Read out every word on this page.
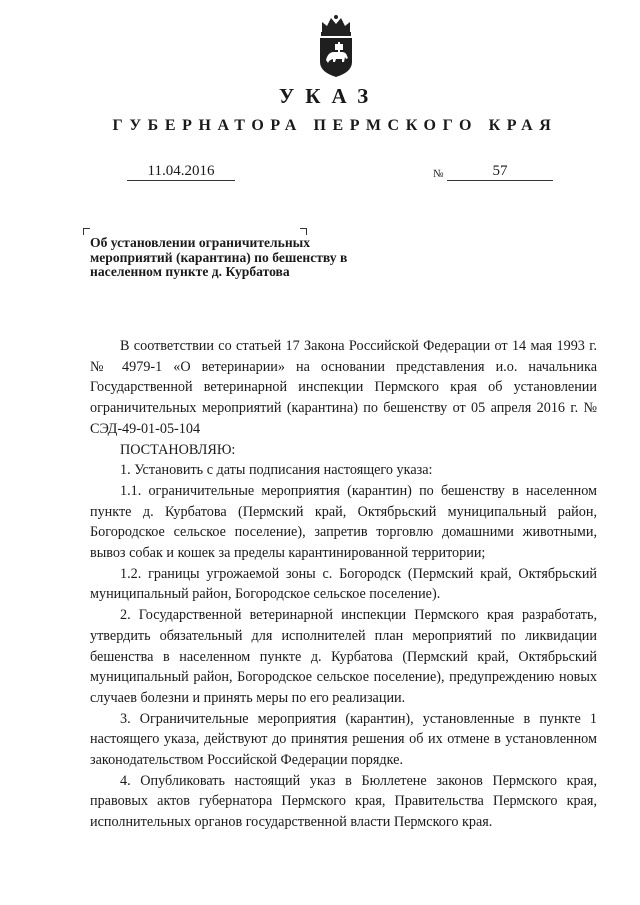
УКАЗ
ГУБЕРНАТОРА ПЕРМСКОГО КРАЯ
11.04.2016	№	57
Об установлении ограничительных мероприятий (карантина) по бешенству в населенном пункте д. Курбатова

В соответствии со статьей 17 Закона Российской Федерации от 14 мая 1993 г. № 4979-1 «О ветеринарии» на основании представления и.о. начальника Государственной ветеринарной инспекции Пермского края об установлении ограничительных мероприятий (карантина) по бешенству от 05 апреля 2016 г. № СЭД-49-01-05-104

ПОСТАНОВЛЯЮ:

1. Установить с даты подписания настоящего указа:

1.1. ограничительные мероприятия (карантин) по бешенству в населенном пункте д. Курбатова (Пермский край, Октябрьский муниципальный район, Богородское сельское поселение), запретив торговлю домашними животными, вывоз собак и кошек за пределы карантинированной территории;

1.2. границы угрожаемой зоны с. Богородск (Пермский край, Октябрьский муниципальный район, Богородское сельское поселение).

2. Государственной ветеринарной инспекции Пермского края разработать, утвердить обязательный для исполнителей план мероприятий по ликвидации бешенства в населенном пункте д. Курбатова (Пермский край, Октябрьский муниципальный район, Богородское сельское поселение), предупреждению новых случаев болезни и принять меры по его реализации.

3. Ограничительные мероприятия (карантин), установленные в пункте 1 настоящего указа, действуют до принятия решения об их отмене в установленном законодательством Российской Федерации порядке.

4. Опубликовать настоящий указ в Бюллетене законов Пермского края, правовых актов губернатора Пермского края, Правительства Пермского края, исполнительных органов государственной власти Пермского края.
